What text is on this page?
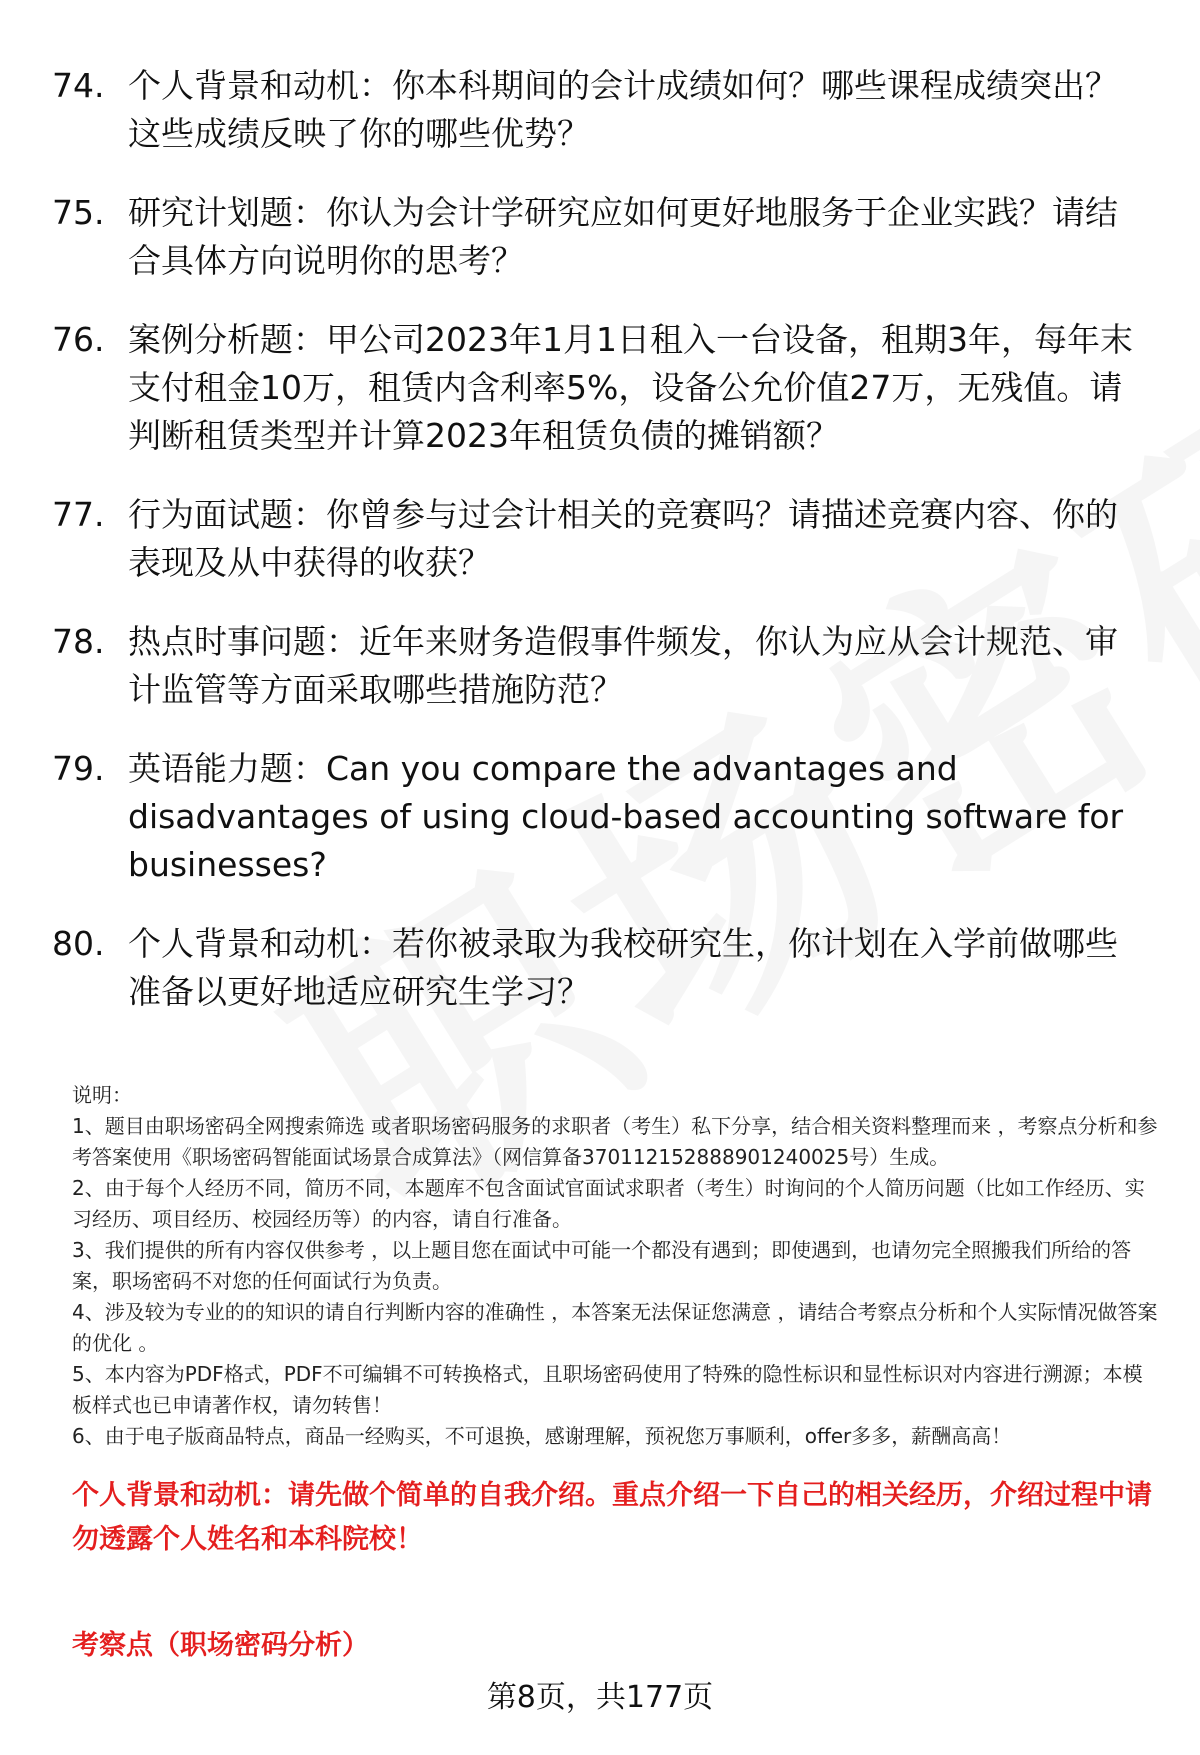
74. 个人背景和动机：你本科期间的会计成绩如何？哪些课程成绩突出？这些成绩反映了你的哪些优势？
75. 研究计划题：你认为会计学研究应如何更好地服务于企业实践？请结合具体方向说明你的思考？
76. 案例分析题：甲公司2023年1月1日租入一台设备，租期3年，每年末支付租金10万，租赁内含利率5%，设备公允价值27万，无残值。请判断租赁类型并计算2023年租赁负债的摊销额？
77. 行为面试题：你曾参与过会计相关的竞赛吗？请描述竞赛内容、你的表现及从中获得的收获？
78. 热点时事问题：近年来财务造假事件频发，你认为应从会计规范、审计监管等方面采取哪些措施防范？
79. 英语能力题：Can you compare the advantages and disadvantages of using cloud-based accounting software for businesses?
80. 个人背景和动机：若你被录取为我校研究生，你计划在入学前做哪些准备以更好地适应研究生学习？

说明：

1、题目由职场密码全网搜索筛选 或者职场密码服务的求职者（考生）私下分享，结合相关资料整理而来 ，考察点分析和参考答案使用《职场密码智能面试场景合成算法》（网信算备370112152888901240025号）生成。

2、由于每个人经历不同，简历不同，本题库不包含面试官面试求职者（考生）时询问的个人简历问题（比如工作经历、实习经历、项目经历、校园经历等）的内容，请自行准备。

3、我们提供的所有内容仅供参考 ，以上题目您在面试中可能一个都没有遇到；即使遇到，也请勿完全照搬我们所给的答案，职场密码不对您的任何面试行为负责。

4、涉及较为专业的的知识的请自行判断内容的准确性 ，本答案无法保证您满意 ，请结合考察点分析和个人实际情况做答案的优化 。

5、本内容为PDF格式，PDF不可编辑不可转换格式，且职场密码使用了特殊的隐性标识和显性标识对内容进行溯源；本模板样式也已申请著作权，请勿转售！

6、由于电子版商品特点，商品一经购买，不可退换，感谢理解，预祝您万事顺利，offer多多，薪酬高高！

个人背景和动机：请先做个简单的自我介绍。重点介绍一下自己的相关经历，介绍过程中请勿透露个人姓名和本科院校！
考察点（职场密码分析）
第8页，共177页
